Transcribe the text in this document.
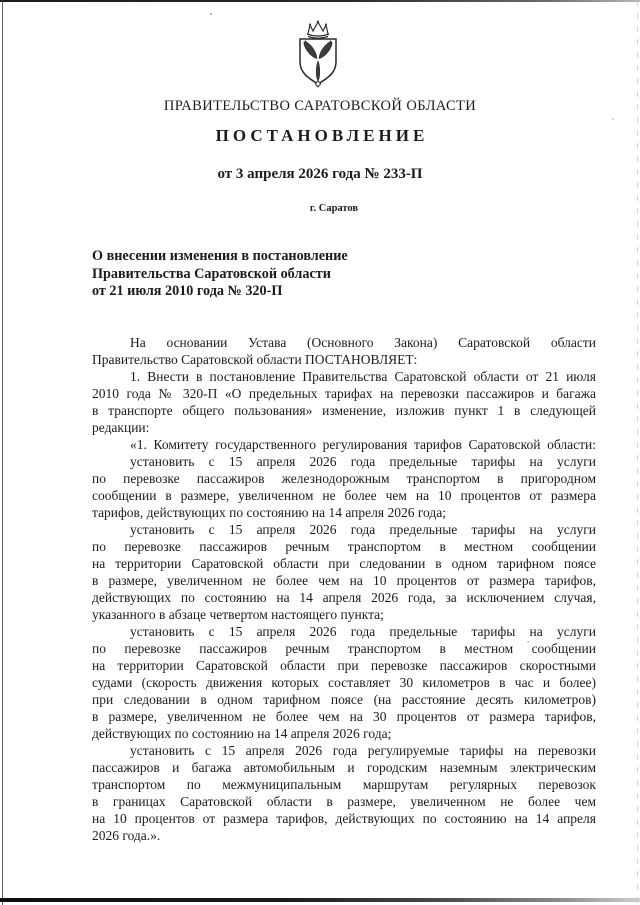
ПРАВИТЕЛЬСТВО САРАТОВСКОЙ ОБЛАСТИ
ПОСТАНОВЛЕНИЕ
от 3 апреля 2026 года № 233-П
г. Саратов
О внесении изменения в постановление
Правительства Саратовской области
от 21 июля 2010 года № 320-П
На основании Устава (Основного Закона) Саратовской области
Правительство Саратовской области ПОСТАНОВЛЯЕТ:
1. Внести в постановление Правительства Саратовской области от 21 июля
2010 года № 320-П «О предельных тарифах на перевозки пассажиров и багажа
в транспорте общего пользования» изменение, изложив пункт 1 в следующей
редакции:
«1. Комитету государственного регулирования тарифов Саратовской области:
установить с 15 апреля 2026 года предельные тарифы на услуги
по перевозке пассажиров железнодорожным транспортом в пригородном
сообщении в размере, увеличенном не более чем на 10 процентов от размера
тарифов, действующих по состоянию на 14 апреля 2026 года;
установить с 15 апреля 2026 года предельные тарифы на услуги
по перевозке пассажиров речным транспортом в местном сообщении
на территории Саратовской области при следовании в одном тарифном поясе
в размере, увеличенном не более чем на 10 процентов от размера тарифов,
действующих по состоянию на 14 апреля 2026 года, за исключением случая,
указанного в абзаце четвертом настоящего пункта;
установить с 15 апреля 2026 года предельные тарифы на услуги
по перевозке пассажиров речным транспортом в местном сообщении
на территории Саратовской области при перевозке пассажиров скоростными
судами (скорость движения которых составляет 30 километров в час и более)
при следовании в одном тарифном поясе (на расстояние десять километров)
в размере, увеличенном не более чем на 30 процентов от размера тарифов,
действующих по состоянию на 14 апреля 2026 года;
установить с 15 апреля 2026 года регулируемые тарифы на перевозки
пассажиров и багажа автомобильным и городским наземным электрическим
транспортом по межмуниципальным маршрутам регулярных перевозок
в границах Саратовской области в размере, увеличенном не более чем
на 10 процентов от размера тарифов, действующих по состоянию на 14 апреля
2026 года.».
